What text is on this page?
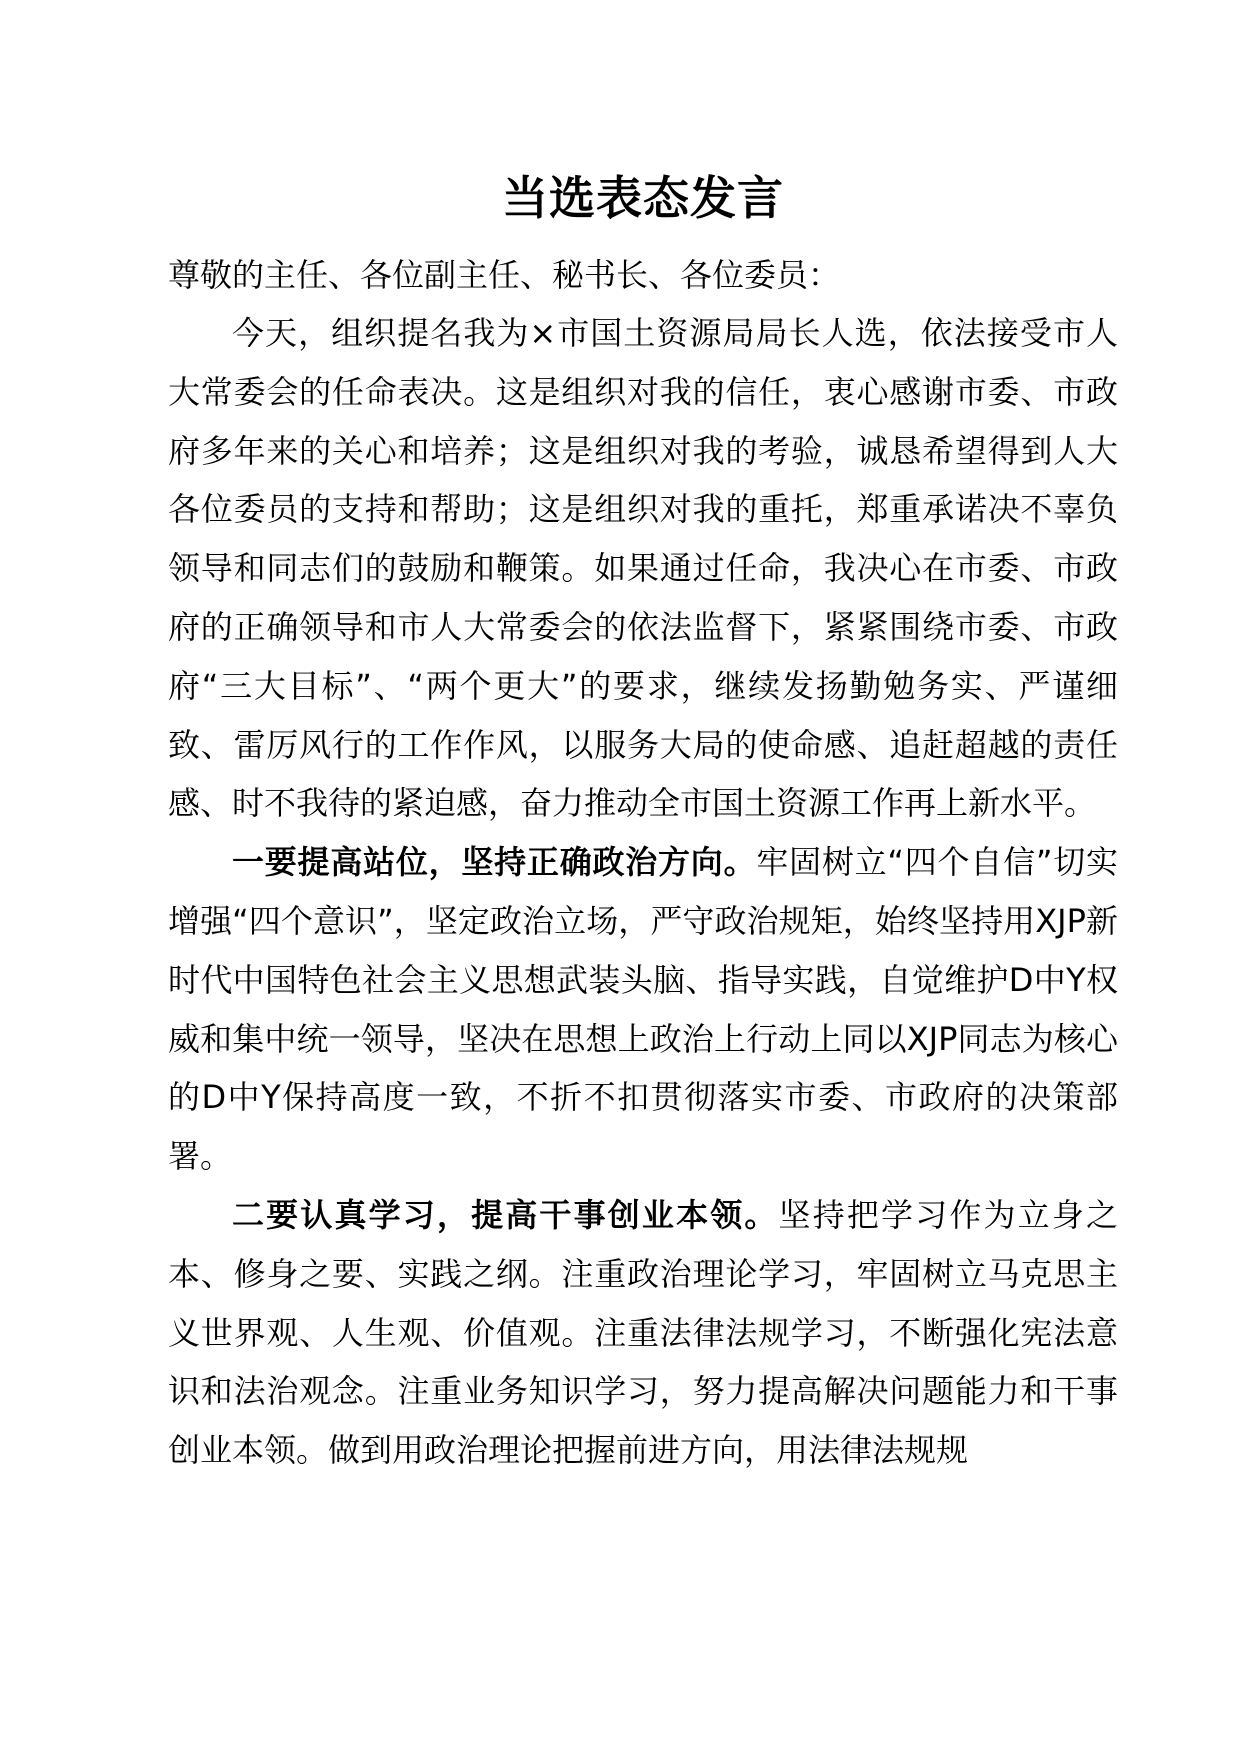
当选表态发言

尊敬的主任、各位副主任、秘书长、各位委员：

今天，组织提名我为×市国土资源局局长人选，依法接受市人大常委会的任命表决。这是组织对我的信任，衷心感谢市委、市政府多年来的关心和培养；这是组织对我的考验，诚恳希望得到人大各位委员的支持和帮助；这是组织对我的重托，郑重承诺决不辜负领导和同志们的鼓励和鞭策。如果通过任命，我决心在市委、市政府的正确领导和市人大常委会的依法监督下，紧紧围绕市委、市政府“三大目标”、“两个更大”的要求，继续发扬勤勉务实、严谨细致、雷厉风行的工作作风，以服务大局的使命感、追赶超越的责任感、时不我待的紧迫感，奋力推动全市国土资源工作再上新水平。

一要提高站位，坚持正确政治方向。牢固树立“四个自信”切实增强“四个意识”，坚定政治立场，严守政治规矩，始终坚持用XJP新时代中国特色社会主义思想武装头脑、指导实践，自觉维护D中Y权威和集中统一领导，坚决在思想上政治上行动上同以XJP同志为核心的D中Y保持高度一致，不折不扣贯彻落实市委、市政府的决策部署。

二要认真学习，提高干事创业本领。坚持把学习作为立身之本、修身之要、实践之纲。注重政治理论学习，牢固树立马克思主义世界观、人生观、价值观。注重法律法规学习，不断强化宪法意识和法治观念。注重业务知识学习，努力提高解决问题能力和干事创业本领。做到用政治理论把握前进方向，用法律法规规
